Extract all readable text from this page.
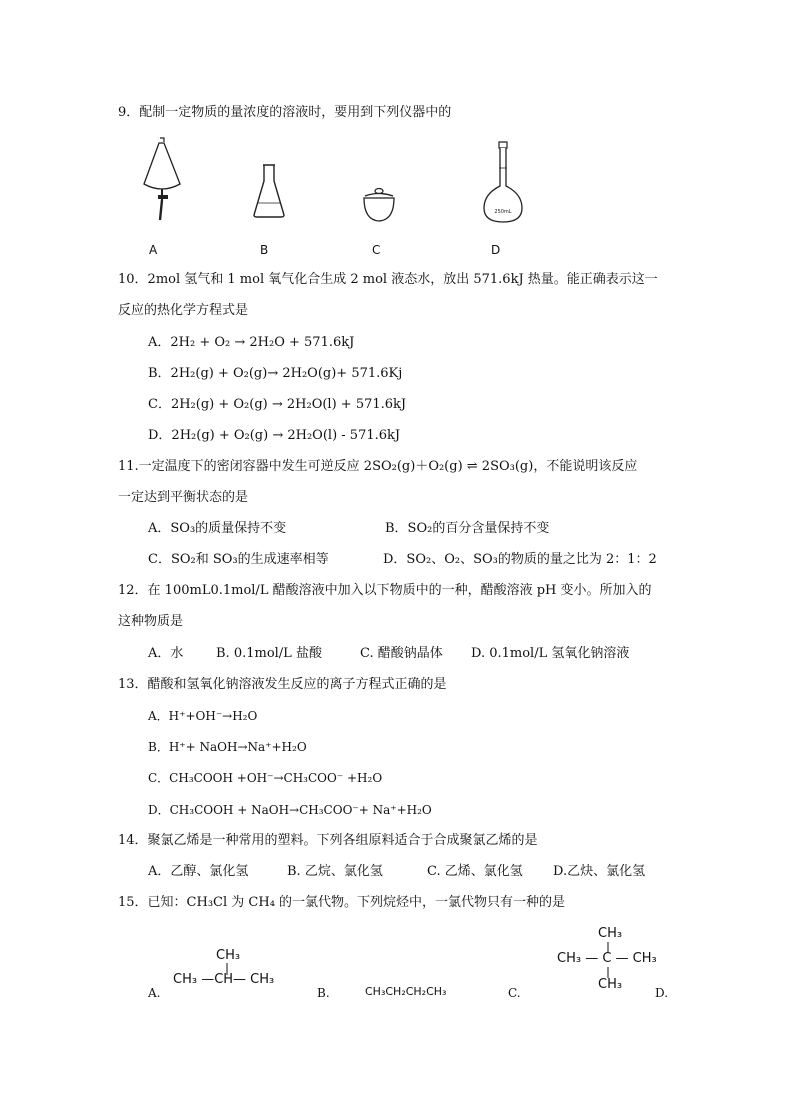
9．配制一定物质的量浓度的溶液时，要用到下列仪器中的
250mL
A	B	C	D
10．2mol 氢气和 1 mol 氧气化合生成 2 mol 液态水，放出 571.6kJ 热量。能正确表示这一
反应的热化学方程式是
A．2H₂ + O₂ → 2H₂O + 571.6kJ
B．2H₂(g) + O₂(g)→ 2H₂O(g)+ 571.6Kj
C．2H₂(g) + O₂(g) → 2H₂O(l) + 571.6kJ
D．2H₂(g) + O₂(g) → 2H₂O(l) - 571.6kJ
11.一定温度下的密闭容器中发生可逆反应 2SO₂(g)＋O₂(g) ⇌ 2SO₃(g)，不能说明该反应
一定达到平衡状态的是
A．SO₃的质量保持不变	B．SO₂的百分含量保持不变
C．SO₂和 SO₃的生成速率相等	D．SO₂、O₂、SO₃的物质的量之比为 2：1：2
12．在 100mL0.1mol/L 醋酸溶液中加入以下物质中的一种，醋酸溶液 pH 变小。所加入的
这种物质是
A．水	B. 0.1mol/L 盐酸	C. 醋酸钠晶体 D. 0.1mol/L 氢氧化钠溶液
13．醋酸和氢氧化钠溶液发生反应的离子方程式正确的是
A．H⁺+OH⁻→H₂O
B．H⁺+ NaOH→Na⁺+H₂O
C．CH₃COOH +OH⁻→CH₃COO⁻ +H₂O
D．CH₃COOH + NaOH→CH₃COO⁻+ Na⁺+H₂O
14．聚氯乙烯是一种常用的塑料。下列各组原料适合于合成聚氯乙烯的是
A．乙醇、氯化氢	B. 乙烷、氯化氢	C. 乙烯、氯化氢 D.乙炔、氯化氢
15．已知：CH₃Cl 为 CH₄ 的一氯代物。下列烷烃中，一氯代物只有一种的是
CH₃
CH₃ —CH— CH₃
CH₃
CH₃ — C — CH₃
CH₃
A.	B.	CH₃CH₂CH₂CH₃	C.	D.
